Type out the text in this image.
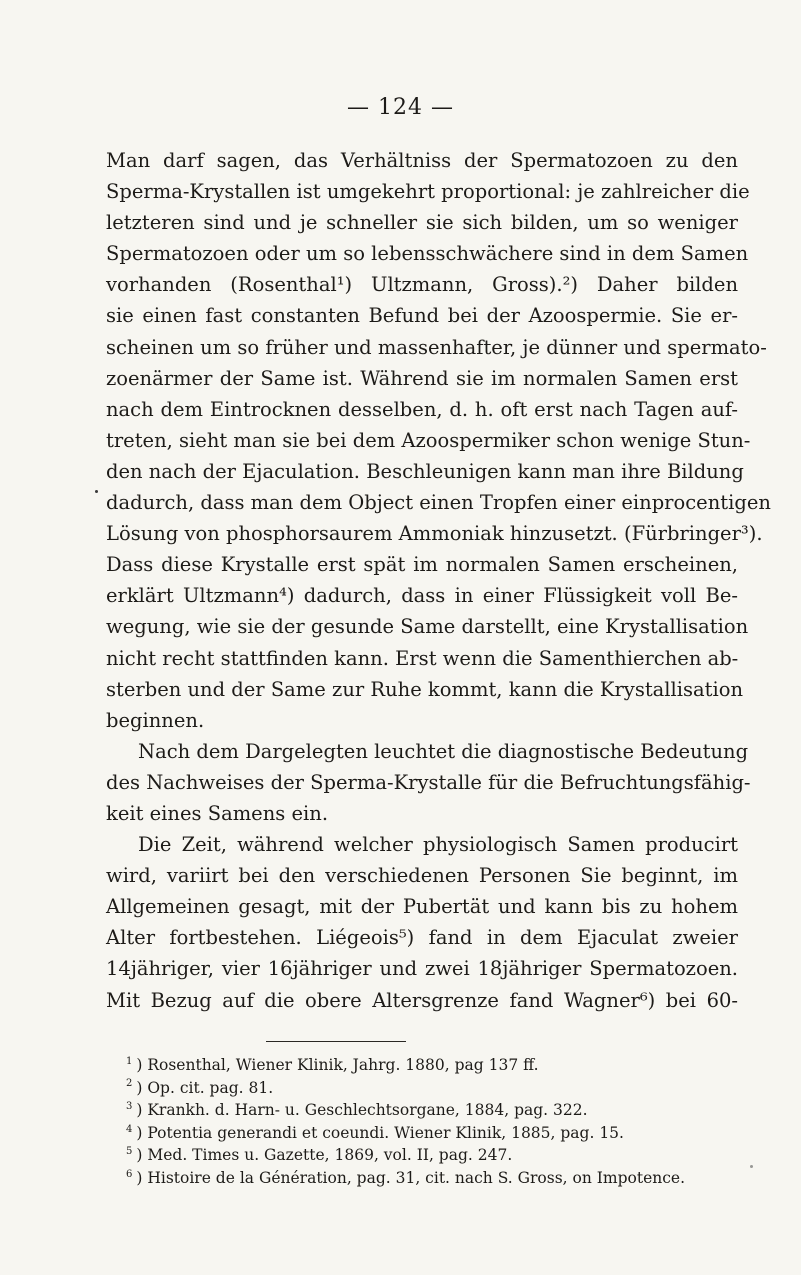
— 124 —
Man darf sagen, das Verhältniss der Spermatozoen zu den
Sperma-Krystallen ist umgekehrt proportional: je zahlreicher die
letzteren sind und je schneller sie sich bilden, um so weniger
Spermatozoen oder um so lebensschwächere sind in dem Samen
vorhanden (Rosenthal¹) Ultzmann, Gross).²) Daher bilden
sie einen fast constanten Befund bei der Azoospermie. Sie er-
scheinen um so früher und massenhafter, je dünner und spermato-
zoenärmer der Same ist. Während sie im normalen Samen erst
nach dem Eintrocknen desselben, d. h. oft erst nach Tagen auf-
treten, sieht man sie bei dem Azoospermiker schon wenige Stun-
den nach der Ejaculation. Beschleunigen kann man ihre Bildung
dadurch, dass man dem Object einen Tropfen einer einprocentigen
Lösung von phosphorsaurem Ammoniak hinzusetzt. (Fürbringer³).
Dass diese Krystalle erst spät im normalen Samen erscheinen,
erklärt Ultzmann⁴) dadurch, dass in einer Flüssigkeit voll Be-
wegung, wie sie der gesunde Same darstellt, eine Krystallisation
nicht recht stattfinden kann. Erst wenn die Samenthierchen ab-
sterben und der Same zur Ruhe kommt, kann die Krystallisation
beginnen.
Nach dem Dargelegten leuchtet die diagnostische Bedeutung
des Nachweises der Sperma-Krystalle für die Befruchtungsfähig-
keit eines Samens ein.
Die Zeit, während welcher physiologisch Samen producirt
wird, variirt bei den verschiedenen Personen Sie beginnt, im
Allgemeinen gesagt, mit der Pubertät und kann bis zu hohem
Alter fortbestehen. Liégeois⁵) fand in dem Ejaculat zweier
14jähriger, vier 16jähriger und zwei 18jähriger Spermatozoen.
Mit Bezug auf die obere Altersgrenze fand Wagner⁶) bei 60-
$^1$ ) Rosenthal, Wiener Klinik, Jahrg. 1880, pag 137 ff.
$^2$ ) Op. cit. pag. 81.
$^3$ ) Krankh. d. Harn- u. Geschlechtsorgane, 1884, pag. 322.
$^4$ ) Potentia generandi et coeundi. Wiener Klinik, 1885, pag. 15.
$^5$ ) Med. Times u. Gazette, 1869, vol. II, pag. 247.
$^6$ ) Histoire de la Génération, pag. 31, cit. nach S. Gross, on Impotence.
